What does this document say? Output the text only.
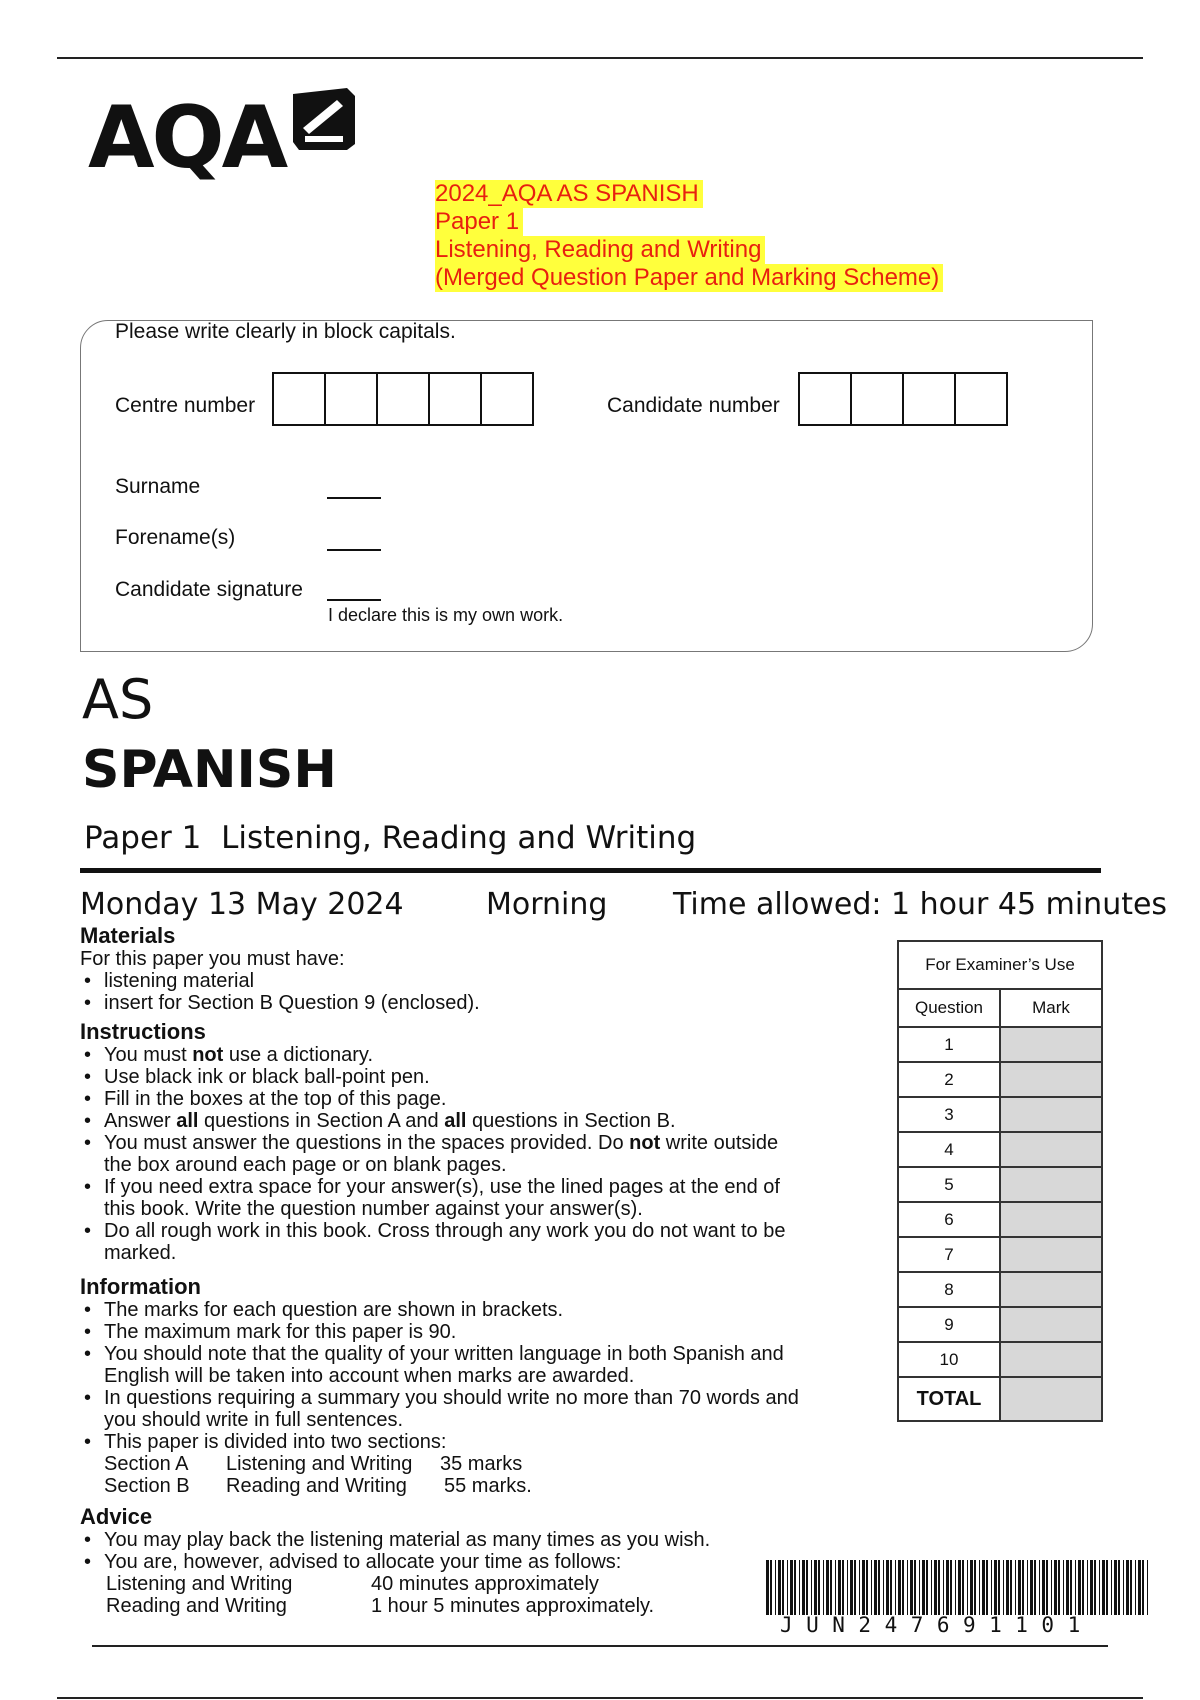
AQA
2024_AQA AS SPANISH
Paper 1
Listening, Reading and Writing
(Merged Question Paper and Marking Scheme)
Please write clearly in block capitals.
Centre number	Candidate number
Surname
Forename(s)
Candidate signature
I declare this is my own work.
AS
SPANISH
Paper 1  Listening, Reading and Writing
Monday 13 May 2024	Morning Time allowed: 1 hour 45 minutes
Materials
For this paper you must have:
• listening material
• insert for Section B Question 9 (enclosed).
Instructions
• You must not use a dictionary.
• Use black ink or black ball-point pen.
• Fill in the boxes at the top of this page.
• Answer all questions in Section A and all questions in Section B.
• You must answer the questions in the spaces provided. Do not write outside
the box around each page or on blank pages.
• If you need extra space for your answer(s), use the lined pages at the end of
this book. Write the question number against your answer(s).
• Do all rough work in this book. Cross through any work you do not want to be
marked.
Information
• The marks for each question are shown in brackets.
• The maximum mark for this paper is 90.
• You should note that the quality of your written language in both Spanish and
English will be taken into account when marks are awarded.
• In questions requiring a summary you should write no more than 70 words and
you should write in full sentences.
• This paper is divided into two sections:
Section A	Listening and Writing	35 marks
Section B	Reading and Writing	55 marks.
Advice
• You may play back the listening material as many times as you wish.
• You are, however, advised to allocate your time as follows:
Listening and Writing	40 minutes approximately
Reading and Writing	1 hour 5 minutes approximately.
For Examiner’s Use	
Question	Mark
1	
2	
3	
4	
5	
6	
7	
8	
9	
10	
TOTAL	
JUN247691101
